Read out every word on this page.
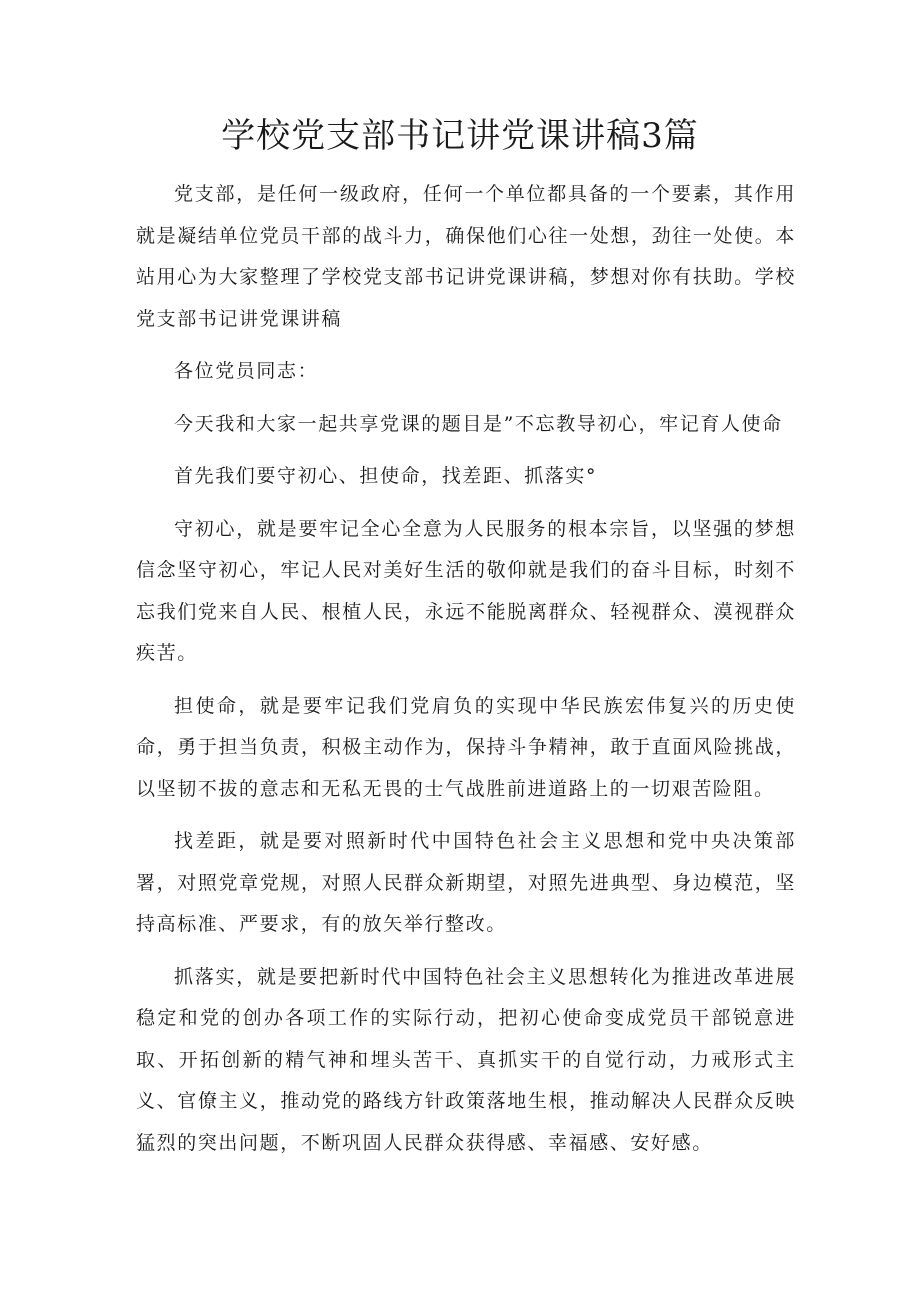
学校党支部书记讲党课讲稿3篇

党支部，是任何一级政府，任何一个单位都具备的一个要素，其作用就是凝结单位党员干部的战斗力，确保他们心往一处想，劲往一处使。本站用心为大家整理了学校党支部书记讲党课讲稿，梦想对你有扶助。学校党支部书记讲党课讲稿

各位党员同志：

今天我和大家一起共享党课的题目是”不忘教导初心，牢记育人使命

首先我们要守初心、担使命，找差距、抓落实°

守初心，就是要牢记全心全意为人民服务的根本宗旨，以坚强的梦想信念坚守初心，牢记人民对美好生活的敬仰就是我们的奋斗目标，时刻不忘我们党来自人民、根植人民，永远不能脱离群众、轻视群众、漠视群众疾苦。

担使命，就是要牢记我们党肩负的实现中华民族宏伟复兴的历史使命，勇于担当负责，积极主动作为，保持斗争精神，敢于直面风险挑战，以坚韧不拔的意志和无私无畏的士气战胜前进道路上的一切艰苦险阻。

找差距，就是要对照新时代中国特色社会主义思想和党中央决策部署，对照党章党规，对照人民群众新期望，对照先进典型、身边模范，坚持高标准、严要求，有的放矢举行整改。

抓落实，就是要把新时代中国特色社会主义思想转化为推进改革进展稳定和党的创办各项工作的实际行动，把初心使命变成党员干部锐意进取、开拓创新的精气神和埋头苦干、真抓实干的自觉行动，力戒形式主义、官僚主义，推动党的路线方针政策落地生根，推动解决人民群众反映猛烈的突出问题，不断巩固人民群众获得感、幸福感、安好感。
